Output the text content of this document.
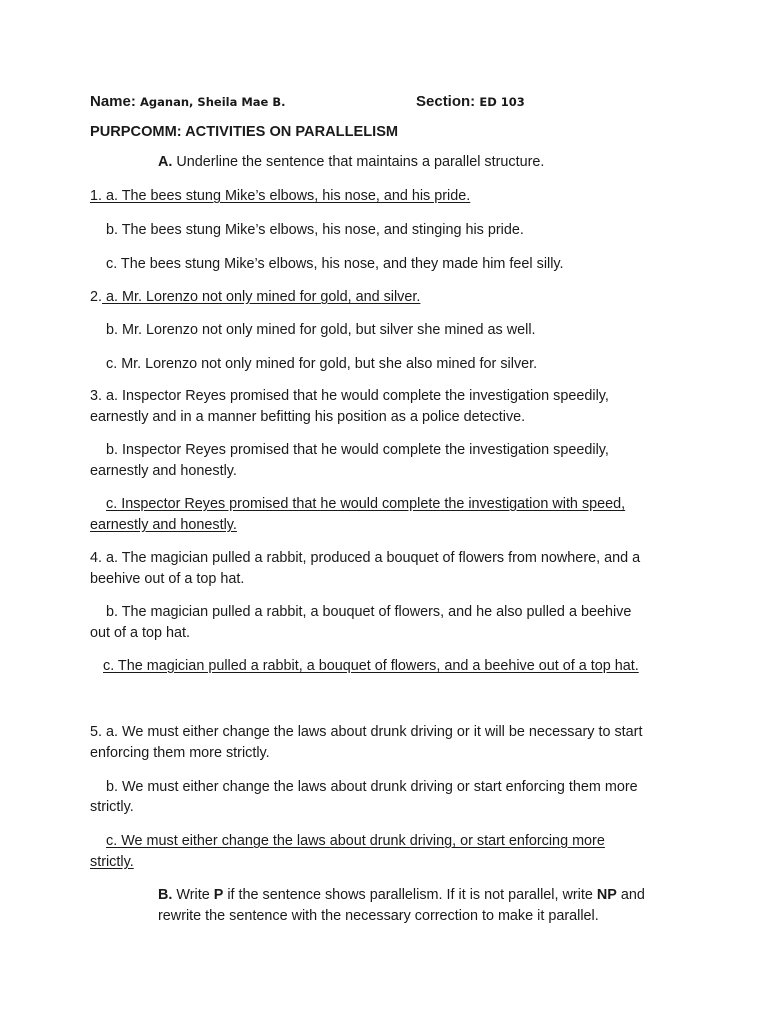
Name: Aganan, Sheila Mae B.	Section: ED 103
PURPCOMM: ACTIVITIES ON PARALLELISM
A. Underline the sentence that maintains a parallel structure.
1. a. The bees stung Mike’s elbows, his nose, and his pride.
b. The bees stung Mike’s elbows, his nose, and stinging his pride.
c. The bees stung Mike’s elbows, his nose, and they made him feel silly.
2. a. Mr. Lorenzo not only mined for gold, and silver.
b. Mr. Lorenzo not only mined for gold, but silver she mined as well.
c. Mr. Lorenzo not only mined for gold, but she also mined for silver.
3. a. Inspector Reyes promised that he would complete the investigation speedily,
earnestly and in a manner befitting his position as a police detective.
b. Inspector Reyes promised that he would complete the investigation speedily,
earnestly and honestly.
c. Inspector Reyes promised that he would complete the investigation with speed,
earnestly and honestly.
4. a. The magician pulled a rabbit, produced a bouquet of flowers from nowhere, and a
beehive out of a top hat.
b. The magician pulled a rabbit, a bouquet of flowers, and he also pulled a beehive
out of a top hat.
c. The magician pulled a rabbit, a bouquet of flowers, and a beehive out of a top hat.
5. a. We must either change the laws about drunk driving or it will be necessary to start
enforcing them more strictly.
b. We must either change the laws about drunk driving or start enforcing them more
strictly.
c. We must either change the laws about drunk driving, or start enforcing more
strictly.
B. Write P if the sentence shows parallelism. If it is not parallel, write NP and
rewrite the sentence with the necessary correction to make it parallel.
